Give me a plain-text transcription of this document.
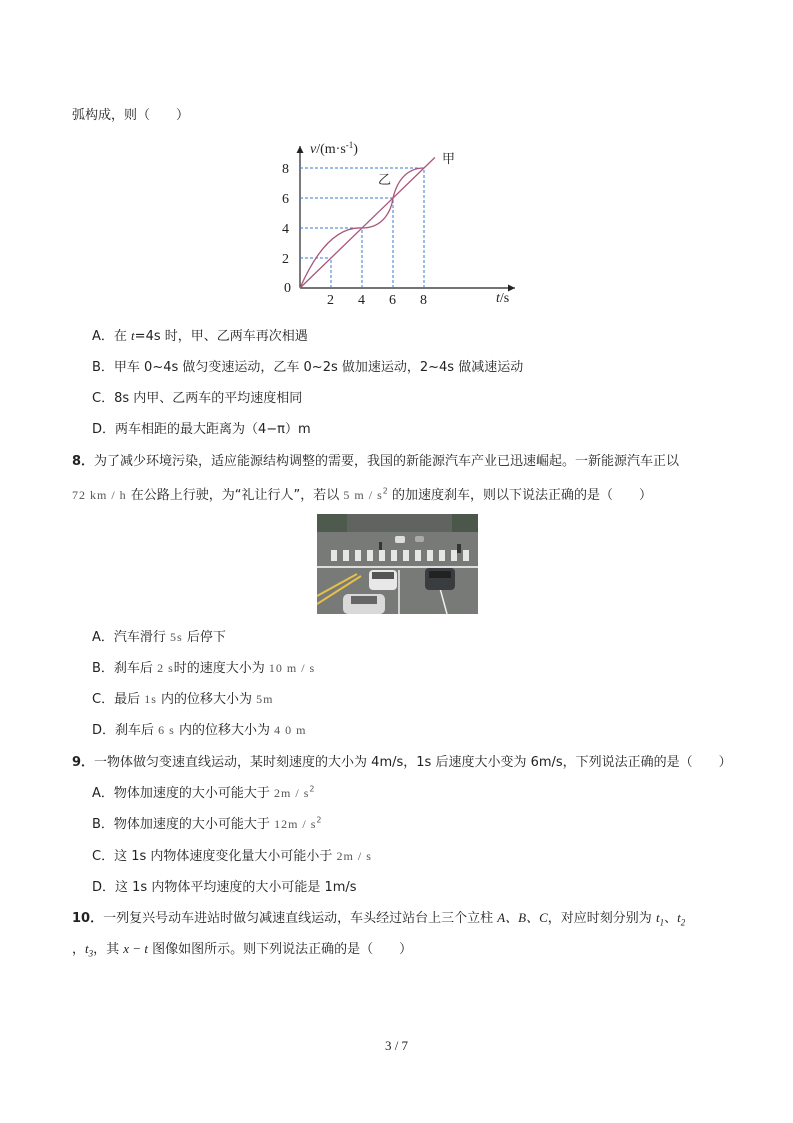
弧构成，则（　　）
2 4 6 8
2
4
6
8
$v/(m\cdot s^{-1})$
t/s
0
甲
乙
A．在 t=4s 时，甲、乙两车再次相遇
B．甲车 0~4s 做匀变速运动，乙车 0~2s 做加速运动，2~4s 做减速运动
C．8s 内甲、乙两车的平均速度相同
D．两车相距的最大距离为（4−π）m
8．为了减少环境污染，适应能源结构调整的需要，我国的新能源汽车产业已迅速崛起。一新能源汽车正以
72 km / h 在公路上行驶，为“礼让行人”，若以 5 m / $s^2$ 的加速度刹车，则以下说法正确的是（　　）
A．汽车滑行 5s 后停下
B．刹车后 2 s时的速度大小为 10 m / s
C．最后 1s 内的位移大小为 5m
D．刹车后 6 s 内的位移大小为 4 0 m
9．一物体做匀变速直线运动，某时刻速度的大小为 4m/s，1s 后速度大小变为 6m/s，下列说法正确的是（　　）
A．物体加速度的大小可能大于 $2m / s^2$
B．物体加速度的大小可能大于 $12m / s^2$
C．这 1s 内物体速度变化量大小可能小于 2m / s
D．这 1s 内物体平均速度的大小可能是 1m/s
10．一列复兴号动车进站时做匀减速直线运动，车头经过站台上三个立柱 A、B、C，对应时刻分别为 $t_1$、$t_2$
，$t_3$，其 x − t 图像如图所示。则下列说法正确的是（　　）
3 / 7
